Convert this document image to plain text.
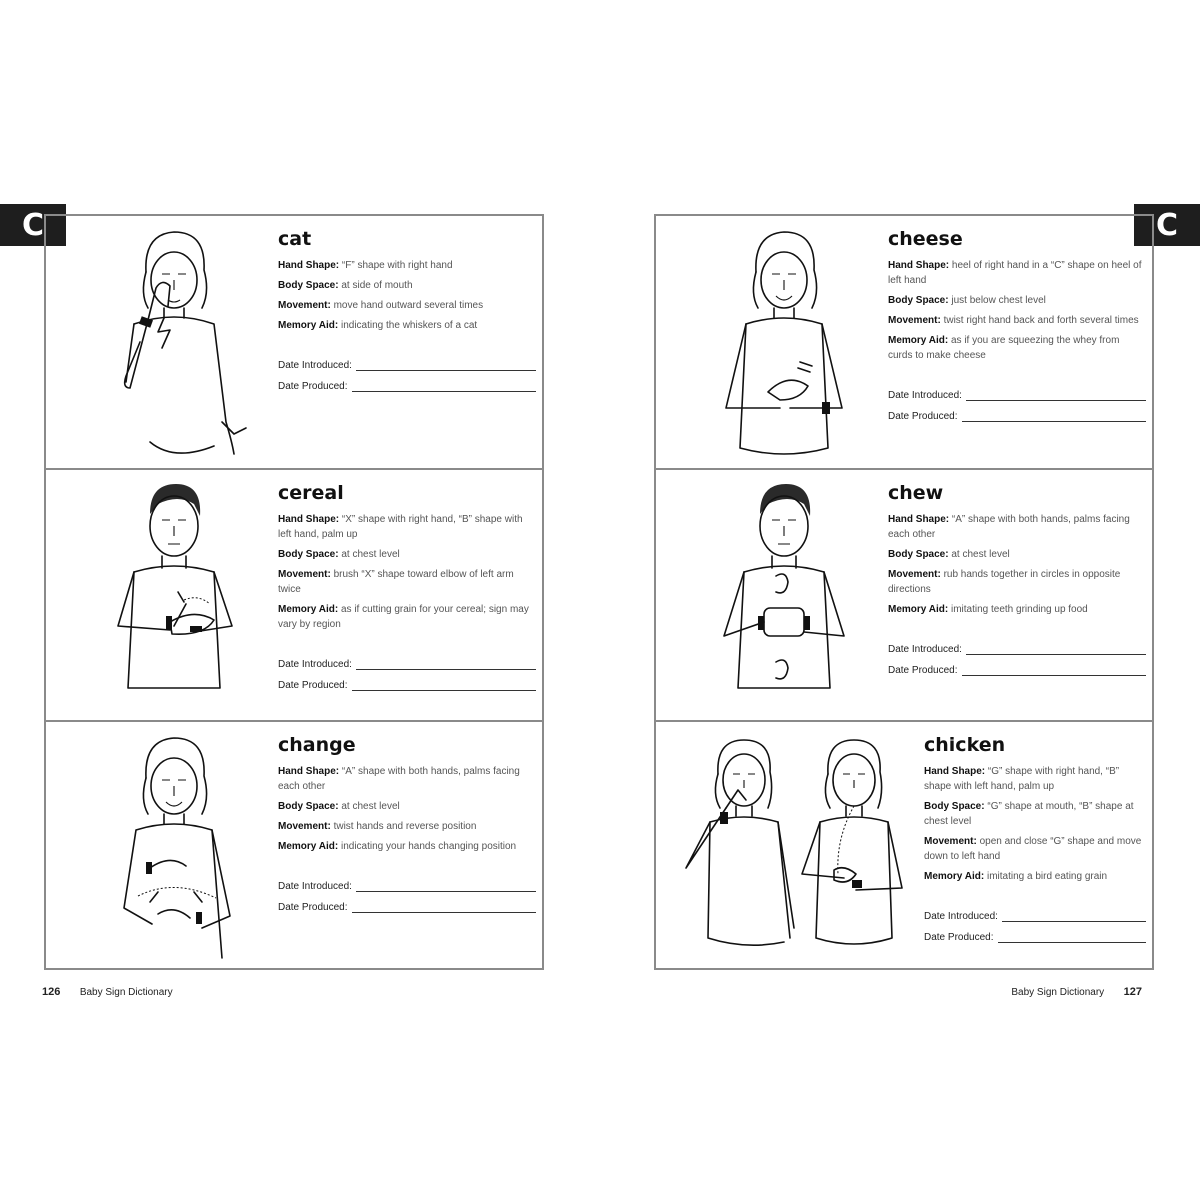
C	C
cat
Hand Shape: “F” shape with right hand
Body Space: at side of mouth
Movement: move hand outward several times
Memory Aid: indicating the whiskers of a cat
Date Introduced:
Date Produced:
cereal
Hand Shape: “X” shape with right hand, “B” shape with left hand, palm up
Body Space: at chest level
Movement: brush “X” shape toward elbow of left arm twice
Memory Aid: as if cutting grain for your cereal; sign may vary by region
Date Introduced:
Date Produced:
change
Hand Shape: “A” shape with both hands, palms facing each other
Body Space: at chest level
Movement: twist hands and reverse position
Memory Aid: indicating your hands changing position
Date Introduced:
Date Produced:
cheese
Hand Shape: heel of right hand in a “C” shape on heel of left hand
Body Space: just below chest level
Movement: twist right hand back and forth several times
Memory Aid: as if you are squeezing the whey from curds to make cheese
Date Introduced:
Date Produced:
chew
Hand Shape: “A” shape with both hands, palms facing each other
Body Space: at chest level
Movement: rub hands together in circles in opposite directions
Memory Aid: imitating teeth grinding up food
Date Introduced:
Date Produced:
chicken
Hand Shape: “G” shape with right hand, “B” shape with left hand, palm up
Body Space: “G” shape at mouth, “B” shape at chest level
Movement: open and close “G” shape and move down to left hand
Memory Aid: imitating a bird eating grain
Date Introduced:
Date Produced:
126 Baby Sign Dictionary	Baby Sign Dictionary 127
